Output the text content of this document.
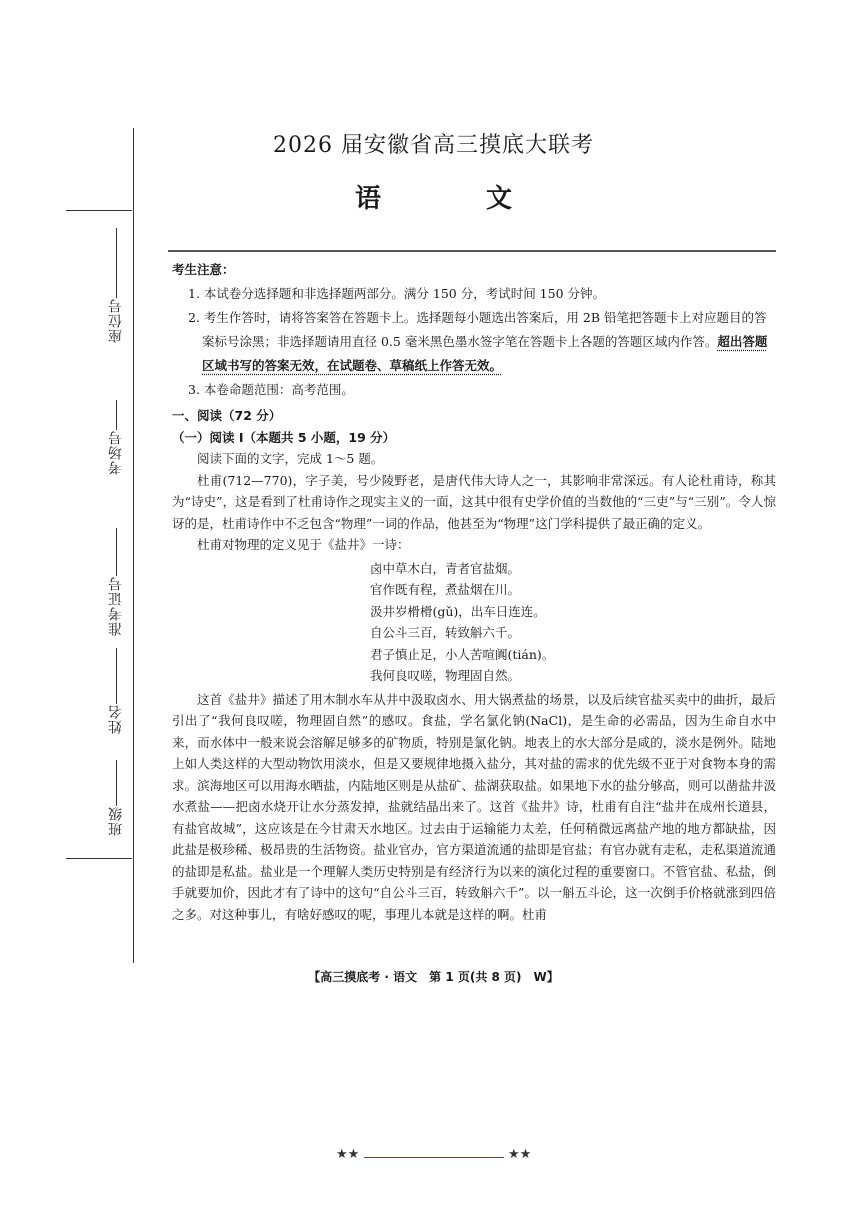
座位号
考场号
准考证号
姓名
班级
2026 届安徽省高三摸底大联考
语 文
考生注意：
1. 本试卷分选择题和非选择题两部分。满分 150 分，考试时间 150 分钟。
2. 考生作答时，请将答案答在答题卡上。选择题每小题选出答案后，用 2B 铅笔把答题卡上对应题目的答案标号涂黑；非选择题请用直径 0.5 毫米黑色墨水签字笔在答题卡上各题的答题区域内作答。超出答题区域书写的答案无效，在试题卷、草稿纸上作答无效。
3. 本卷命题范围：高考范围。
一、阅读（72 分）
（一）阅读 Ⅰ（本题共 5 小题，19 分）

阅读下面的文字，完成 1～5 题。

杜甫(712—770)，字子美，号少陵野老，是唐代伟大诗人之一，其影响非常深远。有人论杜甫诗，称其为“诗史”，这是看到了杜甫诗作之现实主义的一面，这其中很有史学价值的当数他的“三吏”与“三别”。令人惊讶的是，杜甫诗作中不乏包含“物理”一词的作品，他甚至为“物理”这门学科提供了最正确的定义。

杜甫对物理的定义见于《盐井》一诗：

卤中草木白，青者官盐烟。
官作既有程，煮盐烟在川。
汲井岁榾榾(gǔ)，出车日连连。
自公斗三百，转致斛六千。
君子慎止足，小人苦喧阗(tián)。
我何良叹嗟，物理固自然。

这首《盐井》描述了用木制水车从井中汲取卤水、用大锅煮盐的场景，以及后续官盐买卖中的曲折，最后引出了“我何良叹嗟，物理固自然”的感叹。食盐，学名氯化钠(NaCl)，是生命的必需品，因为生命自水中来，而水体中一般来说会溶解足够多的矿物质，特别是氯化钠。地表上的水大部分是咸的，淡水是例外。陆地上如人类这样的大型动物饮用淡水，但是又要规律地摄入盐分，其对盐的需求的优先级不亚于对食物本身的需求。滨海地区可以用海水晒盐，内陆地区则是从盐矿、盐湖获取盐。如果地下水的盐分够高，则可以凿盐井汲水煮盐——把卤水烧开让水分蒸发掉，盐就结晶出来了。这首《盐井》诗，杜甫有自注“盐井在成州长道县，有盐官故城”，这应该是在今甘肃天水地区。过去由于运输能力太差，任何稍微远离盐产地的地方都缺盐，因此盐是极珍稀、极昂贵的生活物资。盐业官办，官方渠道流通的盐即是官盐；有官办就有走私，走私渠道流通的盐即是私盐。盐业是一个理解人类历史特别是有经济行为以来的演化过程的重要窗口。不管官盐、私盐，倒手就要加价，因此才有了诗中的这句“自公斗三百，转致斛六千”。以一斛五斗论，这一次倒手价格就涨到四倍之多。对这种事儿，有啥好感叹的呢，事理儿本就是这样的啊。杜甫

【高三摸底考 · 语文　第 1 页(共 8 页)　W】
★★	★★
